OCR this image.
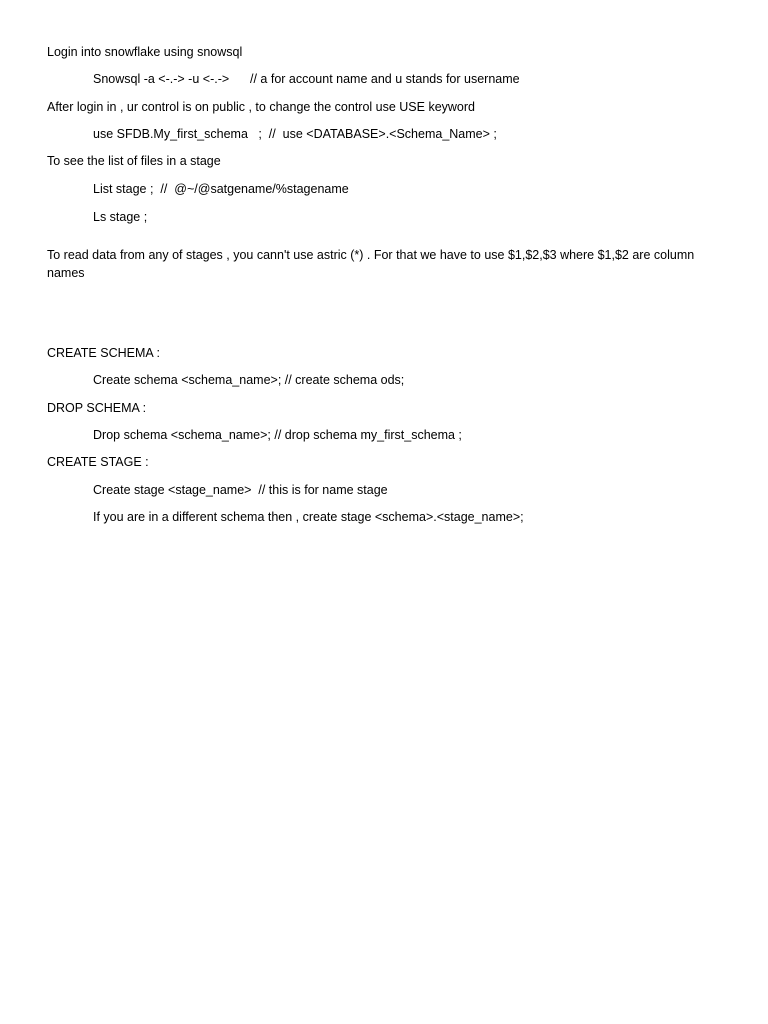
Login into snowflake using snowsql
Snowsql -a <-.-> -u <-.->      // a for account name and u stands for username
After login in , ur control is on public , to change the control use USE keyword
use SFDB.My_first_schema   ;  //  use <DATABASE>.<Schema_Name> ;
To see the list of files in a stage
List stage ;  //  @~/@satgename/%stagename
Ls stage ;
To read data from any of stages , you cann't use astric (*) . For that we have to use $1,$2,$3 where $1,$2 are column names
CREATE SCHEMA :
Create schema <schema_name>; // create schema ods;
DROP SCHEMA :
Drop schema <schema_name>; // drop schema my_first_schema ;
CREATE STAGE :
Create stage <stage_name>  // this is for name stage
If you are in a different schema then , create stage <schema>.<stage_name>;
